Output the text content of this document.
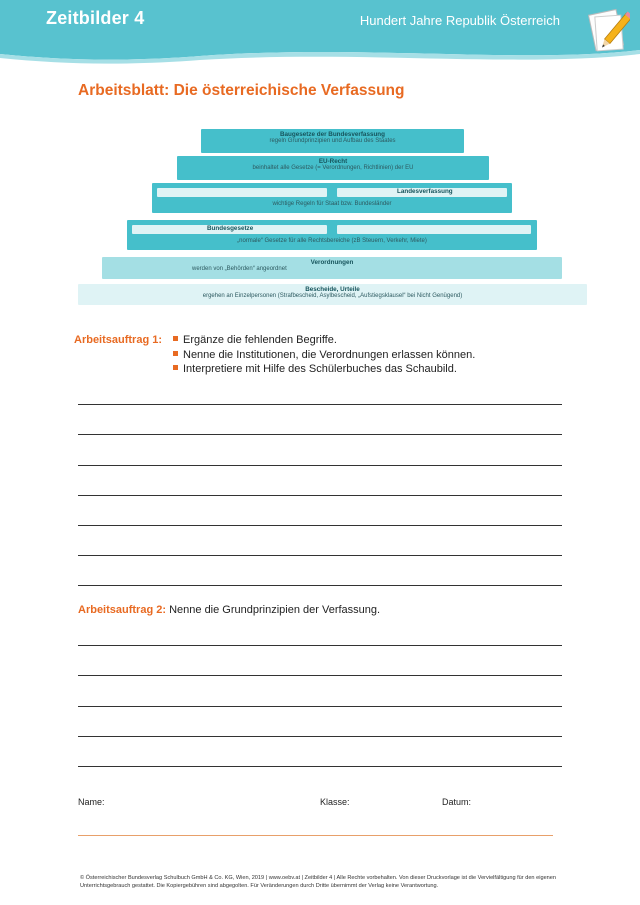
Zeitbilder 4	Hundert Jahre Republik Österreich
Arbeitsblatt: Die österreichische Verfassung
Baugesetze der Bundesverfassung
regeln Grundprinzipien und Aufbau des Staates
EU-Recht
beinhaltet alle Gesetze (= Verordnungen, Richtlinien) der EU
Landesverfassung
wichtige Regeln für Staat bzw. Bundesländer
Bundesgesetze
„normale“ Gesetze für alle Rechtsbereiche (zB Steuern, Verkehr, Miete)
Verordnungen
werden von „Behörden“ angeordnet
Bescheide, Urteile
ergehen an Einzelpersonen (Strafbescheid, Asylbescheid, „Aufstiegsklausel“ bei Nicht Genügend)
Arbeitsauftrag 1:	Ergänze die fehlenden Begriffe.
Nenne die Institutionen, die Verordnungen erlassen können.
Interpretiere mit Hilfe des Schülerbuches das Schaubild.
Arbeitsauftrag 2: Nenne die Grundprinzipien der Verfassung.
Name:	Klasse:	Datum:
© Österreichischer Bundesverlag Schulbuch GmbH & Co. KG, Wien, 2019 | www.oebv.at | Zeitbilder 4 | Alle Rechte vorbehalten. Von dieser Druckvorlage ist die Vervielfältigung für den eigenen Unterrichtsgebrauch gestattet. Die Kopiergebühren sind abgegolten. Für Veränderungen durch Dritte übernimmt der Verlag keine Verantwortung.
